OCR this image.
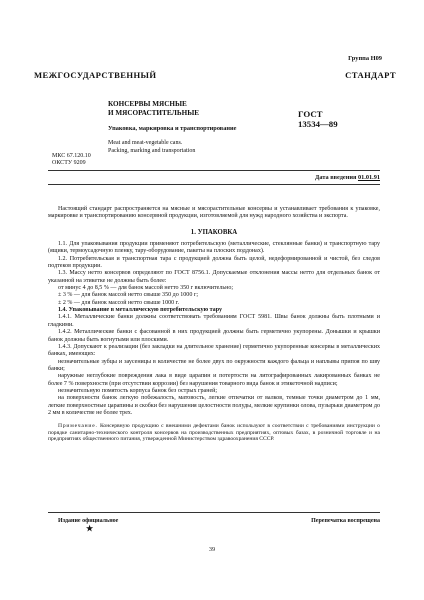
Группа Н09
МЕЖГОСУДАРСТВЕННЫЙ СТАНДАРТ
КОНСЕРВЫ МЯСНЫЕ
И МЯСОРАСТИТЕЛЬНЫЕ
Упаковка, маркировка и транспортирование
ГОСТ
13534—89
Meat and meat-vegetable cans.
Packing, marking and transportation
МКС 67.120.10
ОКСТУ 9209
Дата введения 01.01.91

Настоящий стандарт распространяется на мясные и мясорастительные консервы и устанавливает требования к упаковке, маркировке и транспортированию консервной продукции, изготовляемой для нужд народного хозяйства и экспорта.

1. УПАКОВКА

1.1. Для упаковывания продукции применяют потребительскую (металлические, стеклянные банки) и транспортную тару (ящики, термоусадочную пленку, тару-оборудование, пакеты на плоских поддонах).

1.2. Потребительская и транспортная тара с продукцией должна быть целой, недеформированной и чистой, без следов подтеков продукции.

1.3. Массу нетто консервов определяют по ГОСТ 8756.1. Допускаемые отклонения массы нетто для отдельных банок от указанной на этикетке не должны быть более:

от минус 4 до 8,5 % — для банок массой нетто 350 г включительно;

± 3 % — для банок массой нетто свыше 350 до 1000 г;

± 2 % — для банок массой нетто свыше 1000 г.

1.4. Упаковывание в металлическую потребительскую тару

1.4.1. Металлические банки должны соответствовать требованиям ГОСТ 5981. Швы банок должны быть плотными и гладкими.

1.4.2. Металлические банки с фасованной в них продукцией должны быть герметично укупорены. Донышки и крышки банок должны быть вогнутыми или плоскими.

1.4.3. Допускают к реализации (без закладки на длительное хранение) герметично укупоренные консервы в металлических банках, имеющих:

незначительные зубцы и заусеницы в количестве не более двух по окружности каждого фальца и наплывы припоя по шву банки;

наружные неглубокие повреждения лака в виде царапин и потертости на литографированных лакированных банках не более 7 % поверхности (при отсутствии коррозии) без нарушения товарного вида банок и этикеточной надписи;

незначительную помятость корпуса банок без острых граней;

на поверхности банок легкую побежалость, матовость, легкие отпечатки от валков, темные точки диаметром до 1 мм, легкие поверхностные царапины и скобки без нарушения целостности полуды, мелкие крупинки олова, пузырьки диаметром до 2 мм в количестве не более трех.

Примечание. Консервную продукцию с внешними дефектами банок используют в соответствии с требованиями инструкции о порядке санитарно-технического контроля консервов на производственных предприятиях, оптовых базах, в розничной торговле и на предприятиях общественного питания, утвержденной Министерством здравоохранения СССР.

Издание официальное	Перепечатка воспрещена
★
39
